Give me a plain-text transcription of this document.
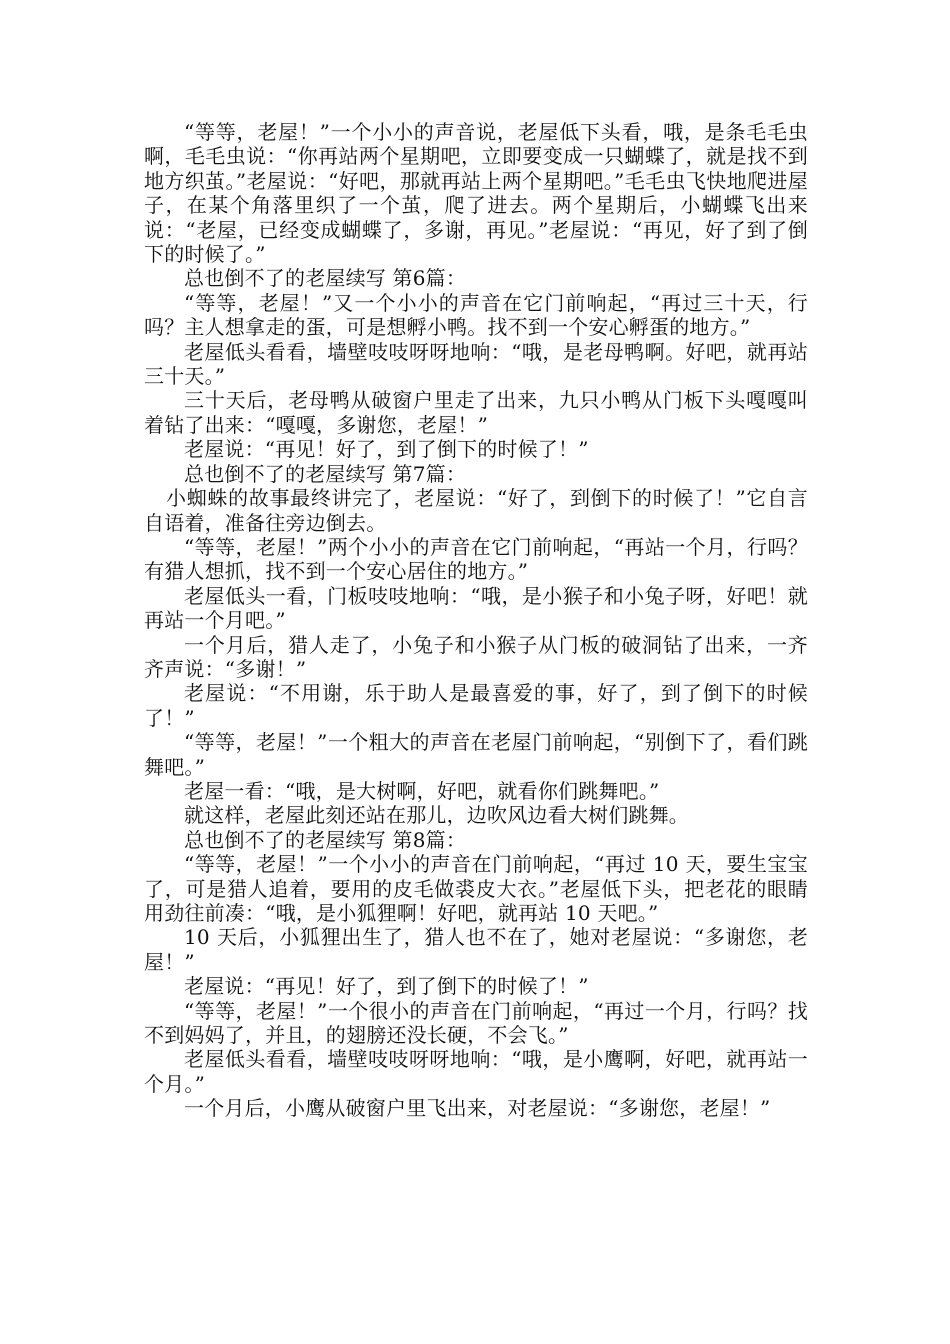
“等等，老屋！”一个小小的声音说，老屋低下头看，哦，是条毛毛虫啊，毛毛虫说：“你再站两个星期吧，立即要变成一只蝴蝶了，就是找不到地方织茧。”老屋说：“好吧，那就再站上两个星期吧。”毛毛虫飞快地爬进屋子，在某个角落里织了一个茧，爬了进去。两个星期后，小蝴蝶飞出来说：“老屋，已经变成蝴蝶了，多谢，再见。”老屋说：“再见，好了到了倒下的时候了。”

总也倒不了的老屋续写 第6篇：

“等等，老屋！”又一个小小的声音在它门前响起，“再过三十天，行吗？主人想拿走的蛋，可是想孵小鸭。找不到一个安心孵蛋的地方。”

老屋低头看看，墙壁吱吱呀呀地响：“哦，是老母鸭啊。好吧，就再站三十天。”

三十天后，老母鸭从破窗户里走了出来，九只小鸭从门板下头嘎嘎叫着钻了出来：“嘎嘎，多谢您，老屋！”

老屋说：“再见！好了，到了倒下的时候了！”

总也倒不了的老屋续写 第7篇：

小蜘蛛的故事最终讲完了，老屋说：“好了，到倒下的时候了！”它自言自语着，准备往旁边倒去。

“等等，老屋！”两个小小的声音在它门前响起，“再站一个月，行吗？有猎人想抓，找不到一个安心居住的地方。”

老屋低头一看，门板吱吱地响：“哦，是小猴子和小兔子呀，好吧！就再站一个月吧。”

一个月后，猎人走了，小兔子和小猴子从门板的破洞钻了出来，一齐齐声说：“多谢！”

老屋说：“不用谢，乐于助人是最喜爱的事，好了，到了倒下的时候了！”

“等等，老屋！”一个粗大的声音在老屋门前响起，“别倒下了，看们跳舞吧。”

老屋一看：“哦，是大树啊，好吧，就看你们跳舞吧。”

就这样，老屋此刻还站在那儿，边吹风边看大树们跳舞。

总也倒不了的老屋续写 第8篇：

“等等，老屋！”一个小小的声音在门前响起，“再过 10 天，要生宝宝了，可是猎人追着，要用的皮毛做裘皮大衣。”老屋低下头，把老花的眼睛用劲往前凑：“哦，是小狐狸啊！好吧，就再站 10 天吧。”

10 天后，小狐狸出生了，猎人也不在了，她对老屋说：“多谢您，老屋！”

老屋说：“再见！好了，到了倒下的时候了！”

“等等，老屋！”一个很小的声音在门前响起，“再过一个月，行吗？找不到妈妈了，并且，的翅膀还没长硬，不会飞。”

老屋低头看看，墙壁吱吱呀呀地响：“哦，是小鹰啊，好吧，就再站一个月。”

一个月后，小鹰从破窗户里飞出来，对老屋说：“多谢您，老屋！”
